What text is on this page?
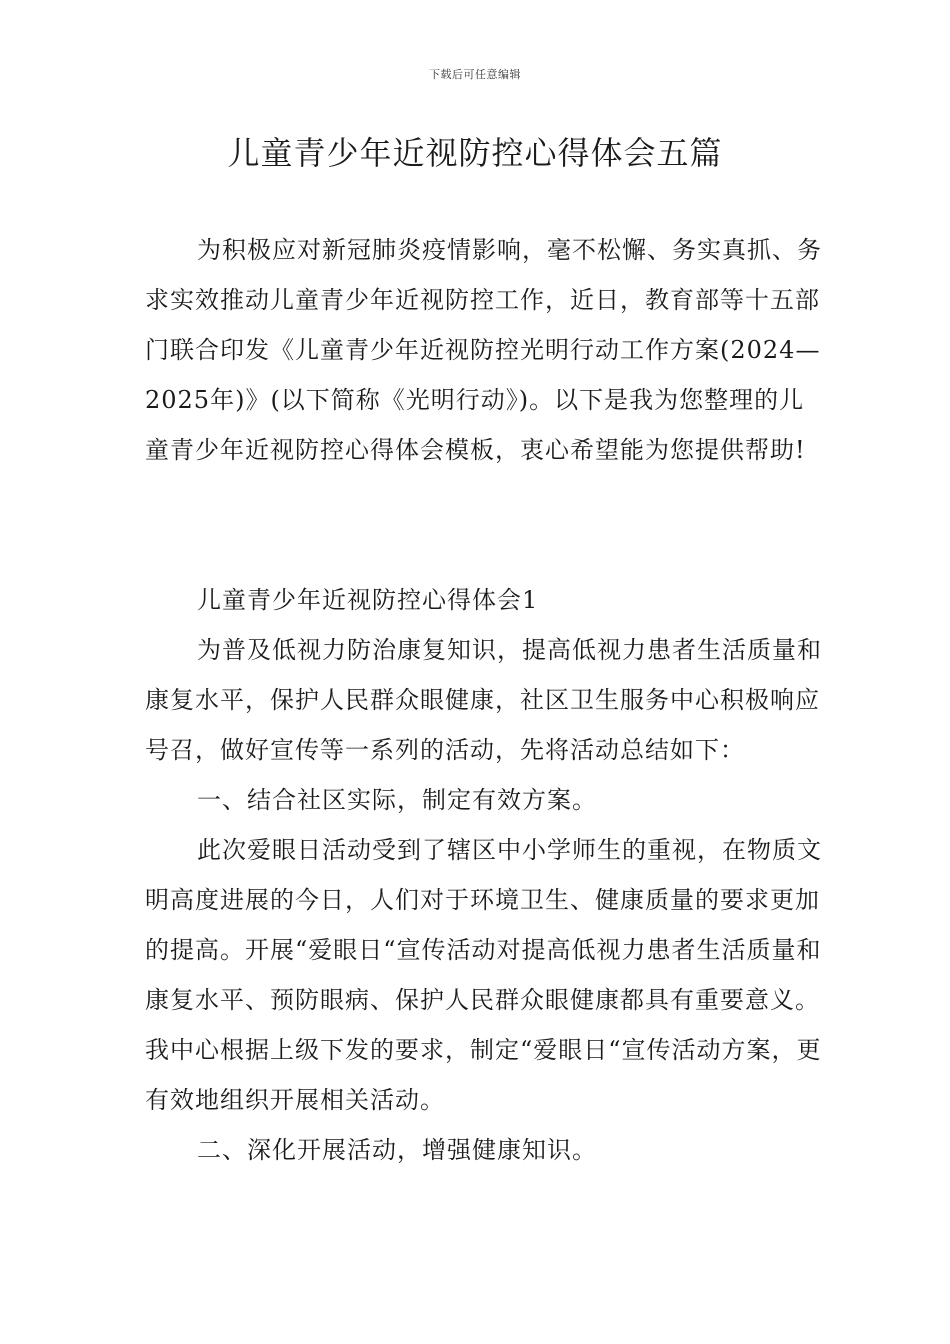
下载后可任意编辑
儿童青少年近视防控心得体会五篇

为积极应对新冠肺炎疫情影响，毫不松懈、务实真抓、务求实效推动儿童青少年近视防控工作，近日，教育部等十五部门联合印发《儿童青少年近视防控光明行动工作方案(2024—2025年)》(以下简称《光明行动》)。以下是我为您整理的儿童青少年近视防控心得体会模板，衷心希望能为您提供帮助!

儿童青少年近视防控心得体会1

为普及低视力防治康复知识，提高低视力患者生活质量和康复水平，保护人民群众眼健康，社区卫生服务中心积极响应号召，做好宣传等一系列的活动，先将活动总结如下：

一、结合社区实际，制定有效方案。

此次爱眼日活动受到了辖区中小学师生的重视，在物质文明高度进展的今日，人们对于环境卫生、健康质量的要求更加的提高。开展“爱眼日“宣传活动对提高低视力患者生活质量和康复水平、预防眼病、保护人民群众眼健康都具有重要意义。我中心根据上级下发的要求，制定“爱眼日“宣传活动方案，更有效地组织开展相关活动。

二、深化开展活动，增强健康知识。
